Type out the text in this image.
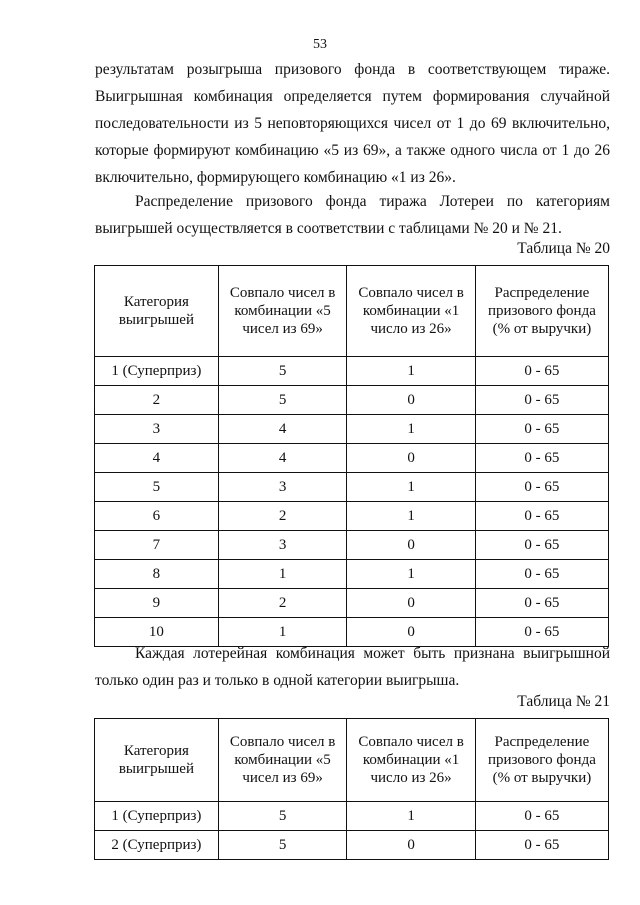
53

результатам розыгрыша призового фонда в соответствующем тираже. Выигрышная комбинация определяется путем формирования случайной последовательности из 5 неповторяющихся чисел от 1 до 69 включительно, которые формируют комбинацию «5 из 69», а также одного числа от 1 до 26 включительно, формирующего комбинацию «1 из 26».

Распределение призового фонда тиража Лотереи по категориям выигрышей осуществляется в соответствии с таблицами № 20 и № 21.

Таблица № 20
Категория выигрышей	Совпало чисел в комбинации «5 чисел из 69»	Совпало чисел в комбинации «1 число из 26»	Распределение призового фонда (% от выручки)
1 (Суперприз)	5	1	0 - 65
2	5	0	0 - 65
3	4	1	0 - 65
4	4	0	0 - 65
5	3	1	0 - 65
6	2	1	0 - 65
7	3	0	0 - 65
8	1	1	0 - 65
9	2	0	0 - 65
10	1	0	0 - 65

Каждая лотерейная комбинация может быть признана выигрышной только один раз и только в одной категории выигрыша.

Таблица № 21
Категория выигрышей	Совпало чисел в комбинации «5 чисел из 69»	Совпало чисел в комбинации «1 число из 26»	Распределение призового фонда (% от выручки)
1 (Суперприз)	5	1	0 - 65
2 (Суперприз)	5	0	0 - 65
